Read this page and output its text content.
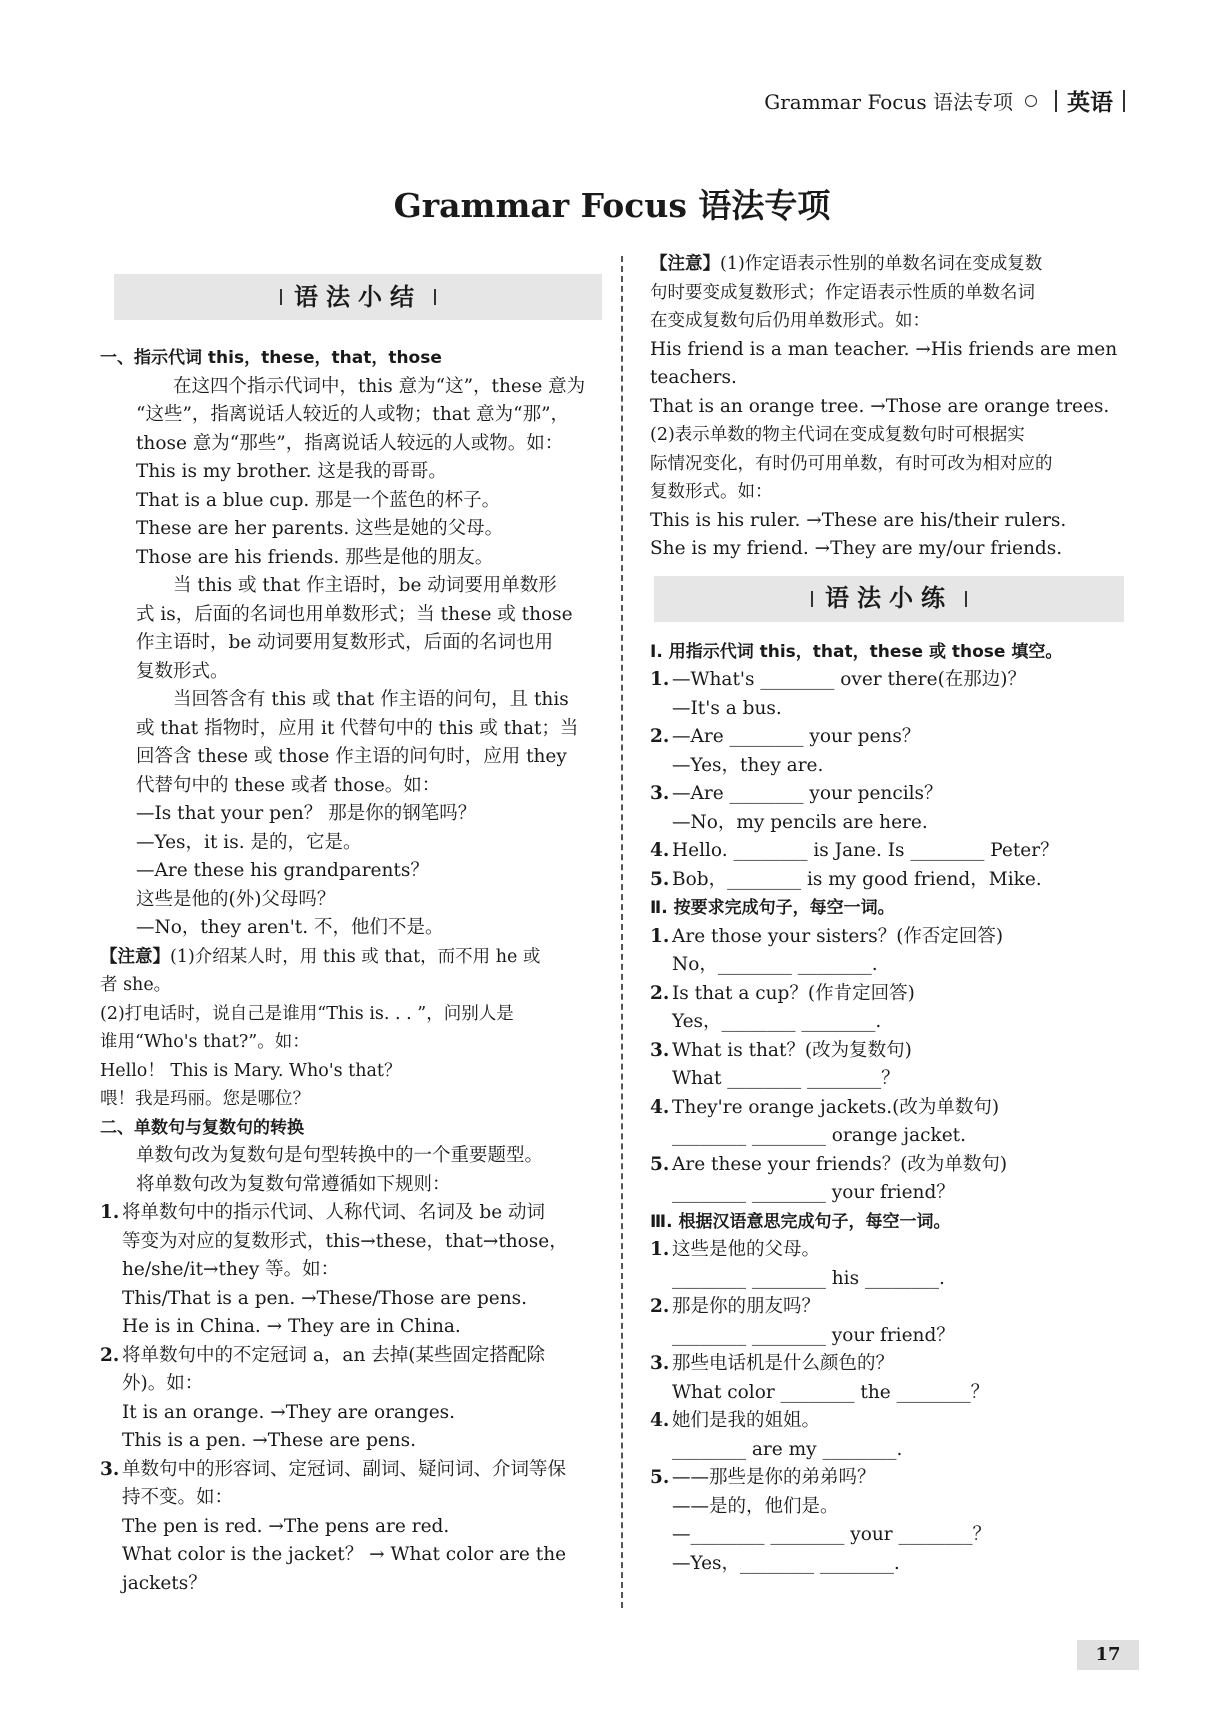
Grammar Focus 语法专项 英语
Grammar Focus 语法专项
语法小结

一、指示代词 this，these，that，those

在这四个指示代词中，this 意为“这”，these 意为

“这些”，指离说话人较近的人或物；that 意为“那”，

those 意为“那些”，指离说话人较远的人或物。如：

This is my brother. 这是我的哥哥。

That is a blue cup. 那是一个蓝色的杯子。

These are her parents. 这些是她的父母。

Those are his friends. 那些是他的朋友。

当 this 或 that 作主语时，be 动词要用单数形

式 is，后面的名词也用单数形式；当 these 或 those

作主语时，be 动词要用复数形式，后面的名词也用

复数形式。

当回答含有 this 或 that 作主语的问句，且 this

或 that 指物时，应用 it 代替句中的 this 或 that；当

回答含 these 或 those 作主语的问句时，应用 they

代替句中的 these 或者 those。如：

—Is that your pen？ 那是你的钢笔吗？

—Yes，it is. 是的，它是。

—Are these his grandparents？

这些是他的(外)父母吗？

—No，they aren't. 不，他们不是。

【注意】(1)介绍某人时，用 this 或 that，而不用 he 或

者 she。

(2)打电话时，说自己是谁用“This is. . . ”，问别人是

谁用“Who's that?”。如：

Hello！ This is Mary. Who's that？

喂！我是玛丽。您是哪位？

二、单数句与复数句的转换

单数句改为复数句是句型转换中的一个重要题型。

将单数句改为复数句常遵循如下规则：

1. 将单数句中的指示代词、人称代词、名词及 be 动词

等变为对应的复数形式，this→these，that→those，

he/she/it→they 等。如：

This/That is a pen. →These/Those are pens.

He is in China. → They are in China.

2. 将单数句中的不定冠词 a，an 去掉(某些固定搭配除

外)。如：

It is an orange. →They are oranges.

This is a pen. →These are pens.

3. 单数句中的形容词、定冠词、副词、疑问词、介词等保

持不变。如：

The pen is red. →The pens are red.

What color is the jacket？ → What color are the

jackets？

【注意】(1)作定语表示性别的单数名词在变成复数

句时要变成复数形式；作定语表示性质的单数名词

在变成复数句后仍用单数形式。如：

His friend is a man teacher. →His friends are men

teachers.

That is an orange tree. →Those are orange trees.

(2)表示单数的物主代词在变成复数句时可根据实

际情况变化，有时仍可用单数，有时可改为相对应的

复数形式。如：

This is his ruler. →These are his/their rulers.

She is my friend. →They are my/our friends.

语法小练

Ⅰ. 用指示代词 this，that，these 或 those 填空。

1. —What's ________ over there(在那边)？

—It's a bus.

2. —Are ________ your pens？

—Yes，they are.

3. —Are ________ your pencils？

—No，my pencils are here.

4. Hello. ________ is Jane. Is ________ Peter？

5. Bob，________ is my good friend，Mike.

Ⅱ. 按要求完成句子，每空一词。

1. Are those your sisters？(作否定回答)

No，________ ________.

2. Is that a cup？(作肯定回答)

Yes，________ ________.

3. What is that？(改为复数句)

What ________ ________？

4. They're orange jackets.(改为单数句)

________ ________ orange jacket.

5. Are these your friends？(改为单数句)

________ ________ your friend？

Ⅲ. 根据汉语意思完成句子，每空一词。

1. 这些是他的父母。

________ ________ his ________.

2. 那是你的朋友吗？

________ ________ your friend？

3. 那些电话机是什么颜色的？

What color ________ the ________？

4. 她们是我的姐姐。

________ are my ________.

5. ——那些是你的弟弟吗？

——是的，他们是。

—________ ________ your ________？

—Yes，________ ________.

17
